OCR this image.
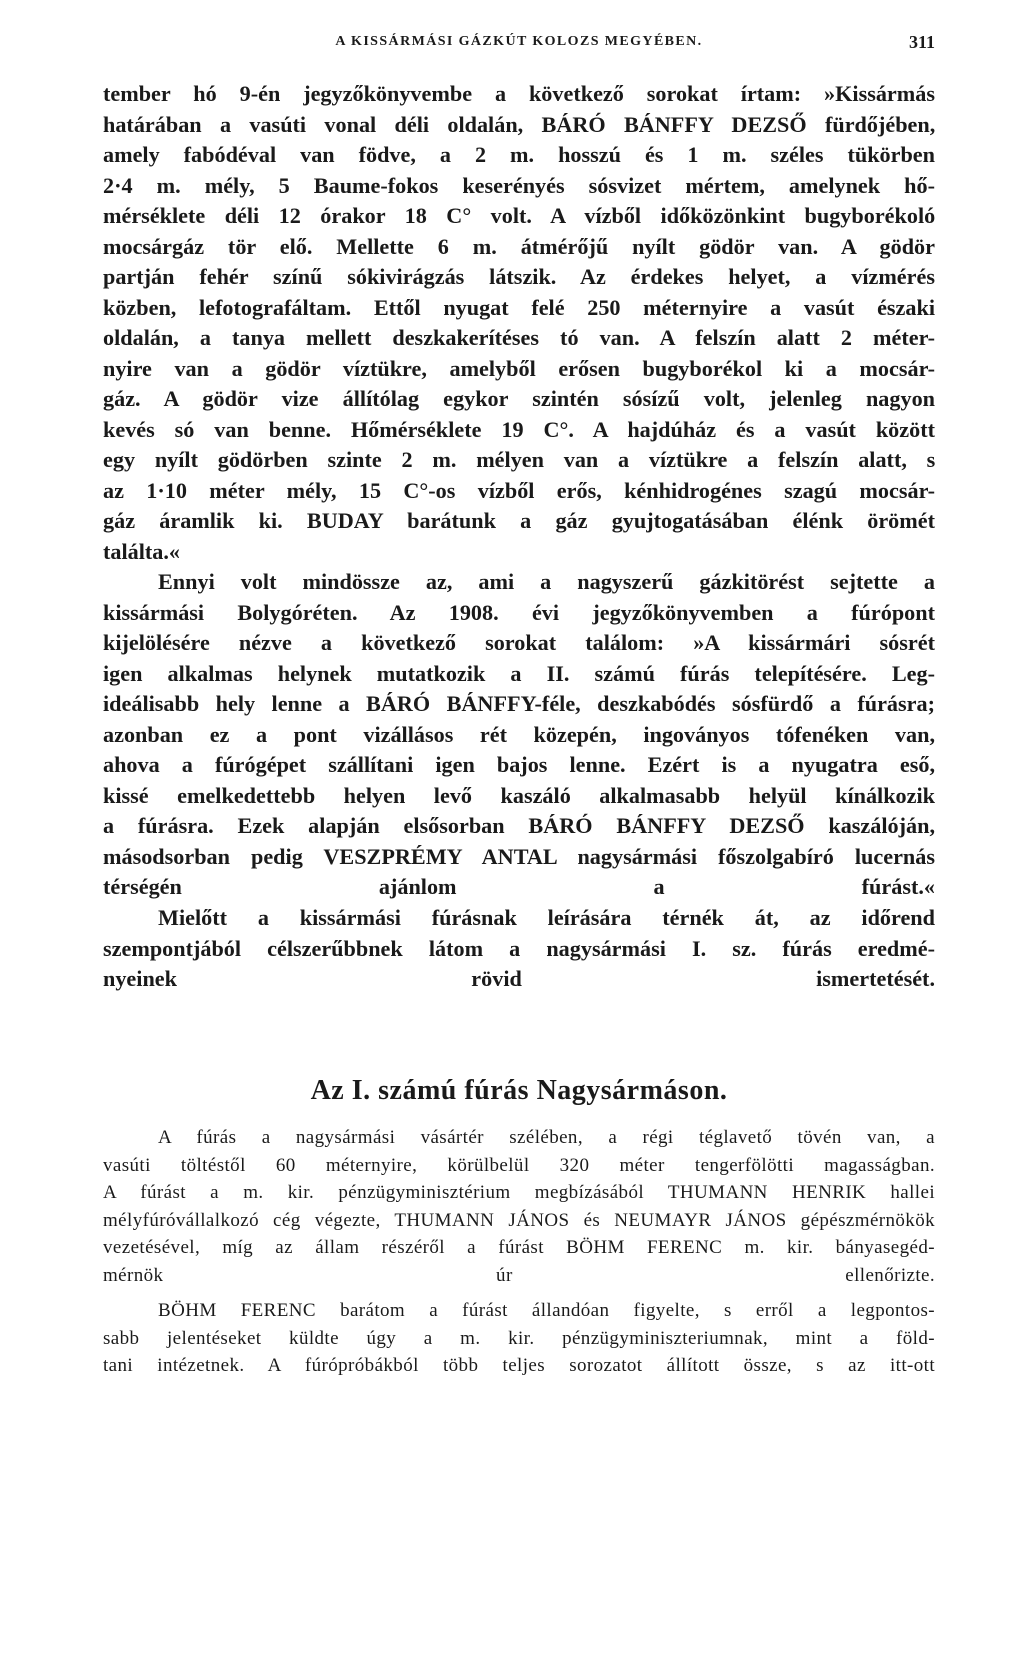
A KISSÁRMÁSI GÁZKÚT KOLOZS MEGYÉBEN.	311
tember hó 9-én jegyzőkönyvembe a következő sorokat írtam: »Kissármás
határában a vasúti vonal déli oldalán, BÁRÓ BÁNFFY DEZSŐ fürdőjében,
amely fabódéval van födve, a 2 m. hosszú és 1 m. széles tükörben
2·4 m. mély, 5 Baume-fokos keserényés sósvizet mértem, amelynek hő-
mérséklete déli 12 órakor 18 C° volt. A vízből időközönkint bugyborékoló
mocsárgáz tör elő. Mellette 6 m. átmérőjű nyílt gödör van. A gödör
partján fehér színű sókivirágzás látszik. Az érdekes helyet, a vízmérés
közben, lefotografáltam. Ettől nyugat felé 250 méternyire a vasút északi
oldalán, a tanya mellett deszkakerítéses tó van. A felszín alatt 2 méter-
nyire van a gödör víztükre, amelyből erősen bugyborékol ki a mocsár-
gáz. A gödör vize állítólag egykor szintén sósízű volt, jelenleg nagyon
kevés só van benne. Hőmérséklete 19 C°. A hajdúház és a vasút között
egy nyílt gödörben szinte 2 m. mélyen van a víztükre a felszín alatt, s
az 1·10 méter mély, 15 C°-os vízből erős, kénhidrogénes szagú mocsár-
gáz áramlik ki. BUDAY barátunk a gáz gyujtogatásában élénk örömét
találta.«
Ennyi volt mindössze az, ami a nagyszerű gázkitörést sejtette a
kissármási Bolygóréten. Az 1908. évi jegyzőkönyvemben a fúrópont
kijelölésére nézve a következő sorokat találom: »A kissármári sósrét
igen alkalmas helynek mutatkozik a II. számú fúrás telepítésére. Leg-
ideálisabb hely lenne a BÁRÓ BÁNFFY-féle, deszkabódés sósfürdő a fúrásra;
azonban ez a pont vizállásos rét közepén, ingoványos tófenéken van,
ahova a fúrógépet szállítani igen bajos lenne. Ezért is a nyugatra eső,
kissé emelkedettebb helyen levő kaszáló alkalmasabb helyül kínálkozik
a fúrásra. Ezek alapján elsősorban BÁRÓ BÁNFFY DEZSŐ kaszálóján,
másodsorban pedig VESZPRÉMY ANTAL nagysármási főszolgabíró lucernás
térségén ajánlom a fúrást.«
Mielőtt a kissármási fúrásnak leírására térnék át, az időrend
szempontjából célszerűbbnek látom a nagysármási I. sz. fúrás eredmé-
nyeinek rövid ismertetését.
Az I. számú fúrás Nagysármáson.
A fúrás a nagysármási vásártér szélében, a régi téglavető tövén van, a
vasúti töltéstől 60 méternyire, körülbelül 320 méter tengerfölötti magasságban.
A fúrást a m. kir. pénzügyminisztérium megbízásából THUMANN HENRIK hallei
mélyfúróvállalkozó cég végezte, THUMANN JÁNOS és NEUMAYR JÁNOS gépészmérnökök
vezetésével, míg az állam részéről a fúrást BÖHM FERENC m. kir. bányasegéd-
mérnök úr ellenőrizte.
BÖHM FERENC barátom a fúrást állandóan figyelte, s erről a legpontos-
sabb jelentéseket küldte úgy a m. kir. pénzügyminiszteriumnak, mint a föld-
tani intézetnek. A fúrópróbákból több teljes sorozatot állított össze, s az itt-ott
